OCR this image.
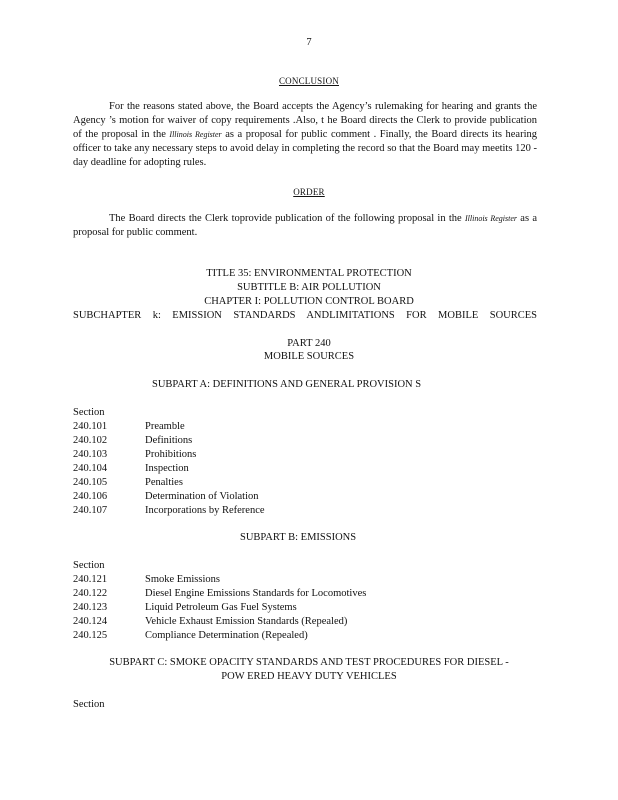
7
CONCLUSION
For the reasons stated above, the Board accepts the Agency’s rulemaking for hearing and grants the Agency ’s motion for waiver of copy requirements .Also, t he Board directs the Clerk to provide publication of the proposal in the Illinois Register as a proposal for public comment . Finally, the Board directs its hearing officer to take any necessary steps to avoid delay in completing the record so that the Board may meetits 120 - day deadline for adopting rules.
ORDER
The Board directs the Clerk toprovide publication of the following proposal in the Illinois Register as a proposal for public comment.
TITLE 35: ENVIRONMENTAL PROTECTION
SUBTITLE B: AIR POLLUTION
CHAPTER I: POLLUTION CONTROL BOARD
SUBCHAPTER k: EMISSION STANDARDS ANDLIMITATIONS FOR MOBILE SOURCES
PART 240
MOBILE SOURCES
SUBPART A: DEFINITIONS AND GENERAL PROVISION S
Section
240.101	Preamble
240.102	Definitions
240.103	Prohibitions
240.104	Inspection
240.105	Penalties
240.106	Determination of Violation
240.107	Incorporations by Reference
SUBPART B: EMISSIONS
Section
240.121	Smoke Emissions
240.122	Diesel Engine Emissions Standards for Locomotives
240.123	Liquid Petroleum Gas Fuel Systems
240.124	Vehicle Exhaust Emission Standards (Repealed)
240.125	Compliance Determination (Repealed)
SUBPART C: SMOKE OPACITY STANDARDS AND TEST PROCEDURES FOR DIESEL -
POW ERED HEAVY DUTY VEHICLES
Section
